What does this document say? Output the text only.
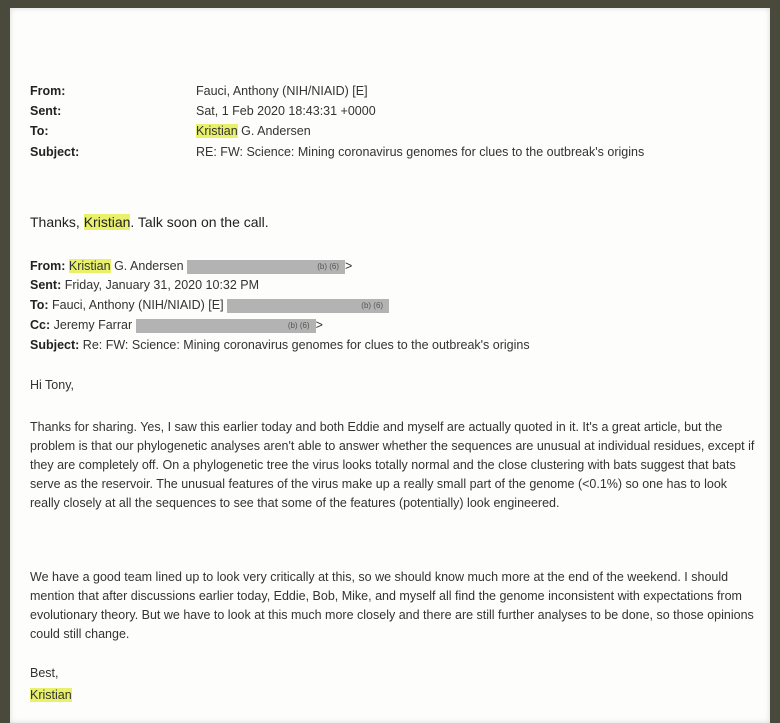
From:	Fauci, Anthony (NIH/NIAID) [E]
Sent:	Sat, 1 Feb 2020 18:43:31 +0000
To:	Kristian G. Andersen
Subject:	RE: FW: Science: Mining coronavirus genomes for clues to the outbreak's origins
Thanks, Kristian. Talk soon on the call.
From: Kristian G. Andersen	(b) (6) >
Sent: Friday, January 31, 2020 10:32 PM
To: Fauci, Anthony (NIH/NIAID) [E]	(b) (6)
Cc: Jeremy Farrar	(b) (6) >
Subject: Re: FW: Science: Mining coronavirus genomes for clues to the outbreak's origins
Hi Tony,
Thanks for sharing. Yes, I saw this earlier today and both Eddie and myself are actually quoted in it. It's a great article, but the problem is that our phylogenetic analyses aren't able to answer whether the sequences are unusual at individual residues, except if they are completely off. On a phylogenetic tree the virus looks totally normal and the close clustering with bats suggest that bats serve as the reservoir. The unusual features of the virus make up a really small part of the genome (<0.1%) so one has to look really closely at all the sequences to see that some of the features (potentially) look engineered.
We have a good team lined up to look very critically at this, so we should know much more at the end of the weekend. I should mention that after discussions earlier today, Eddie, Bob, Mike, and myself all find the genome inconsistent with expectations from evolutionary theory. But we have to look at this much more closely and there are still further analyses to be done, so those opinions could still change.
Best,
Kristian
